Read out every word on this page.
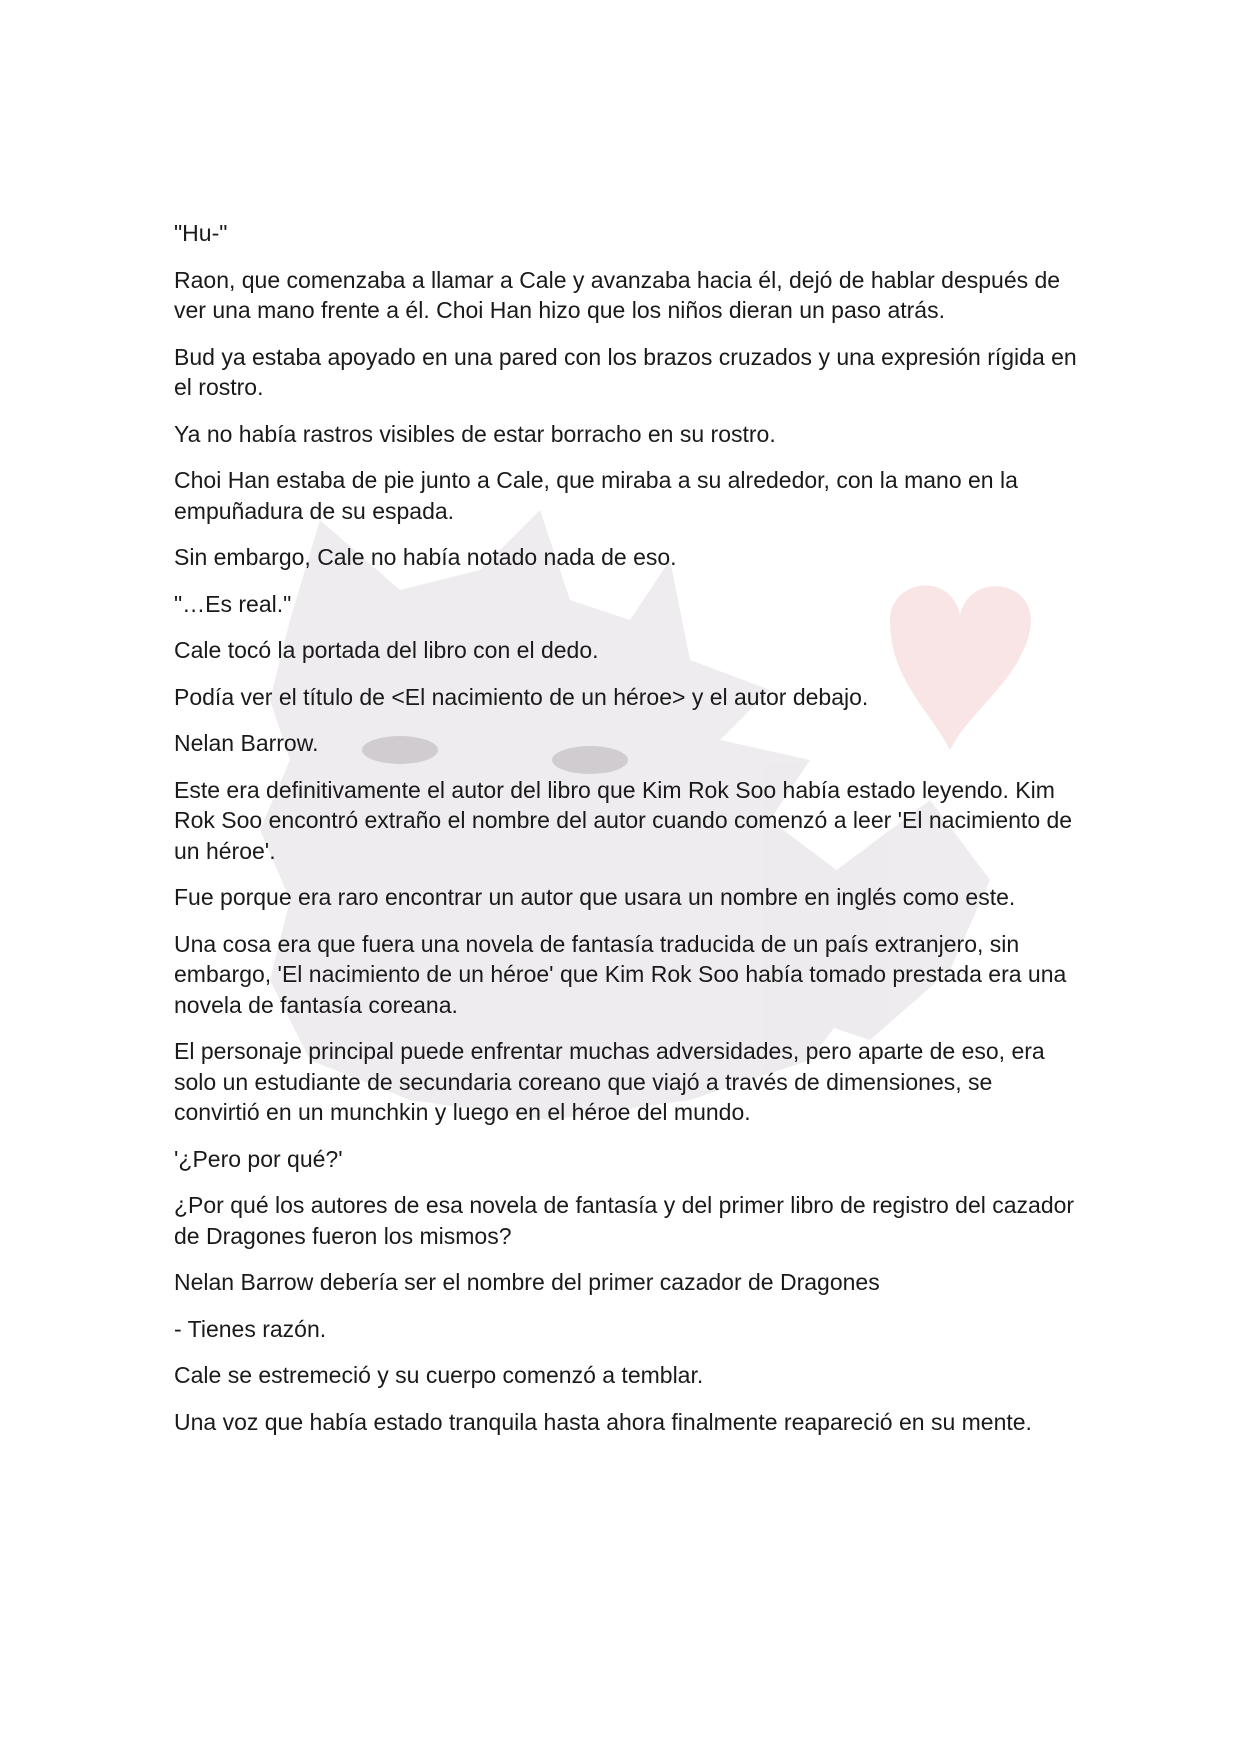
"Hu-"

Raon, que comenzaba a llamar a Cale y avanzaba hacia él, dejó de hablar después de ver una mano frente a él. Choi Han hizo que los niños dieran un paso atrás.

Bud ya estaba apoyado en una pared con los brazos cruzados y una expresión rígida en el rostro.

Ya no había rastros visibles de estar borracho en su rostro.

Choi Han estaba de pie junto a Cale, que miraba a su alrededor, con la mano en la empuñadura de su espada.

Sin embargo, Cale no había notado nada de eso.

"…Es real."

Cale tocó la portada del libro con el dedo.

Podía ver el título de <El nacimiento de un héroe> y el autor debajo.

Nelan Barrow.

Este era definitivamente el autor del libro que Kim Rok Soo había estado leyendo. Kim Rok Soo encontró extraño el nombre del autor cuando comenzó a leer 'El nacimiento de un héroe'.

Fue porque era raro encontrar un autor que usara un nombre en inglés como este.

Una cosa era que fuera una novela de fantasía traducida de un país extranjero, sin embargo, 'El nacimiento de un héroe' que Kim Rok Soo había tomado prestada era una novela de fantasía coreana.

El personaje principal puede enfrentar muchas adversidades, pero aparte de eso, era solo un estudiante de secundaria coreano que viajó a través de dimensiones, se convirtió en un munchkin y luego en el héroe del mundo.

'¿Pero por qué?'

¿Por qué los autores de esa novela de fantasía y del primer libro de registro del cazador de Dragones fueron los mismos?

Nelan Barrow debería ser el nombre del primer cazador de Dragones

- Tienes razón.

Cale se estremeció y su cuerpo comenzó a temblar.

Una voz que había estado tranquila hasta ahora finalmente reapareció en su mente.
